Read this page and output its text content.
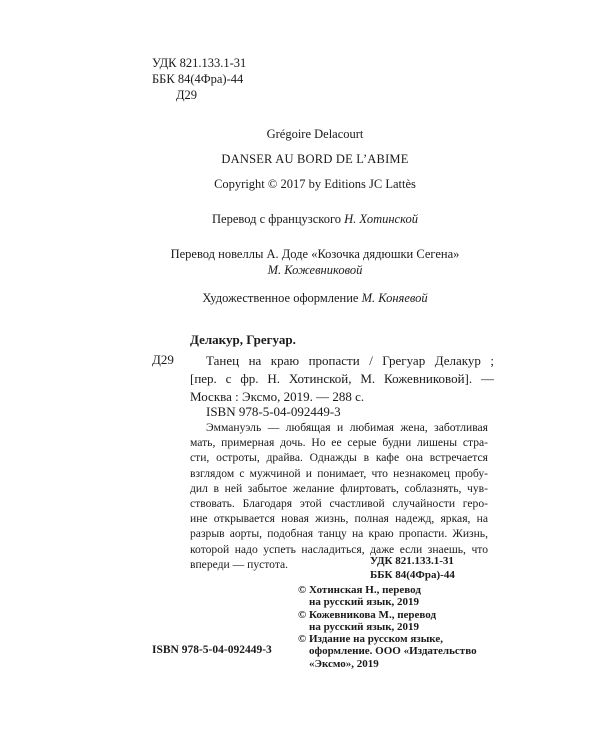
УДК 821.133.1-31
ББК 84(4Фра)-44
Д29
Grégoire Delacourt
DANSER AU BORD DE L’ABIME
Copyright © 2017 by Editions JC Lattès
Перевод с французского Н. Хотинской
Перевод новеллы А. Доде «Козочка дядюшки Сегена»
М. Кожевниковой
Художественное оформление М. Коняевой
Делакур, Грегуар.
Д29	Танец на краю пропасти / Грегуар Делакур ;
[пер. с фр. Н. Хотинской, М. Кожевниковой]. —
Москва : Эксмо, 2019. — 288 с.
ISBN 978-5-04-092449-3
Эммануэль — любящая и любимая жена, заботливая
мать, примерная дочь. Но ее серые будни лишены стра-
сти, остроты, драйва. Однажды в кафе она встречается
взглядом с мужчиной и понимает, что незнакомец пробу-
дил в ней забытое желание флиртовать, соблазнять, чув-
ствовать. Благодаря этой счастливой случайности геро-
ине открывается новая жизнь, полная надежд, яркая, на
разрыв аорты, подобная танцу на краю пропасти. Жизнь,
которой надо успеть насладиться, даже если знаешь, что
впереди — пустота.	УДК 821.133.1-31
ББК 84(4Фра)-44
© Хотинская Н., перевод
на русский язык, 2019
© Кожевникова М., перевод
на русский язык, 2019
© Издание на русском языке,
оформление. ООО «Издательство
«Эксмо», 2019
ISBN 978-5-04-092449-3
